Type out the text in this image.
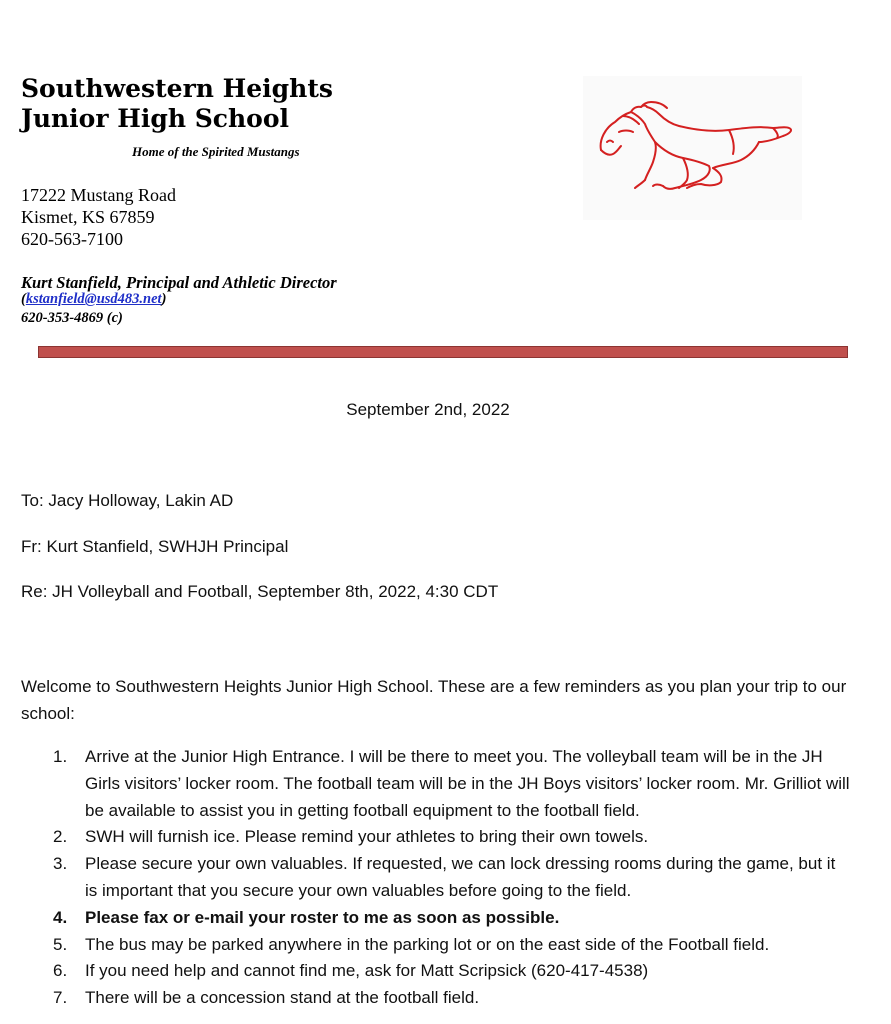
Southwestern Heights
Junior High School
Home of the Spirited Mustangs
17222 Mustang Road
Kismet, KS 67859
620-563-7100
Kurt Stanfield, Principal and Athletic Director
(kstanfield@usd483.net)
620-353-4869 (c)
September 2nd, 2022
To: Jacy Holloway, Lakin AD
Fr: Kurt Stanfield, SWHJH Principal
Re: JH Volleyball and Football, September 8th, 2022, 4:30 CDT
Welcome to Southwestern Heights Junior High School. These are a few reminders as you plan your trip to our school:
1. Arrive at the Junior High Entrance. I will be there to meet you. The volleyball team will be in the JH Girls visitors’ locker room. The football team will be in the JH Boys visitors’ locker room. Mr. Grilliot will be available to assist you in getting football equipment to the football field.
2. SWH will furnish ice. Please remind your athletes to bring their own towels.
3. Please secure your own valuables. If requested, we can lock dressing rooms during the game, but it is important that you secure your own valuables before going to the field.
4. Please fax or e-mail your roster to me as soon as possible.
5. The bus may be parked anywhere in the parking lot or on the east side of the Football field.
6. If you need help and cannot find me, ask for Matt Scripsick (620-417-4538)
7. There will be a concession stand at the football field.
